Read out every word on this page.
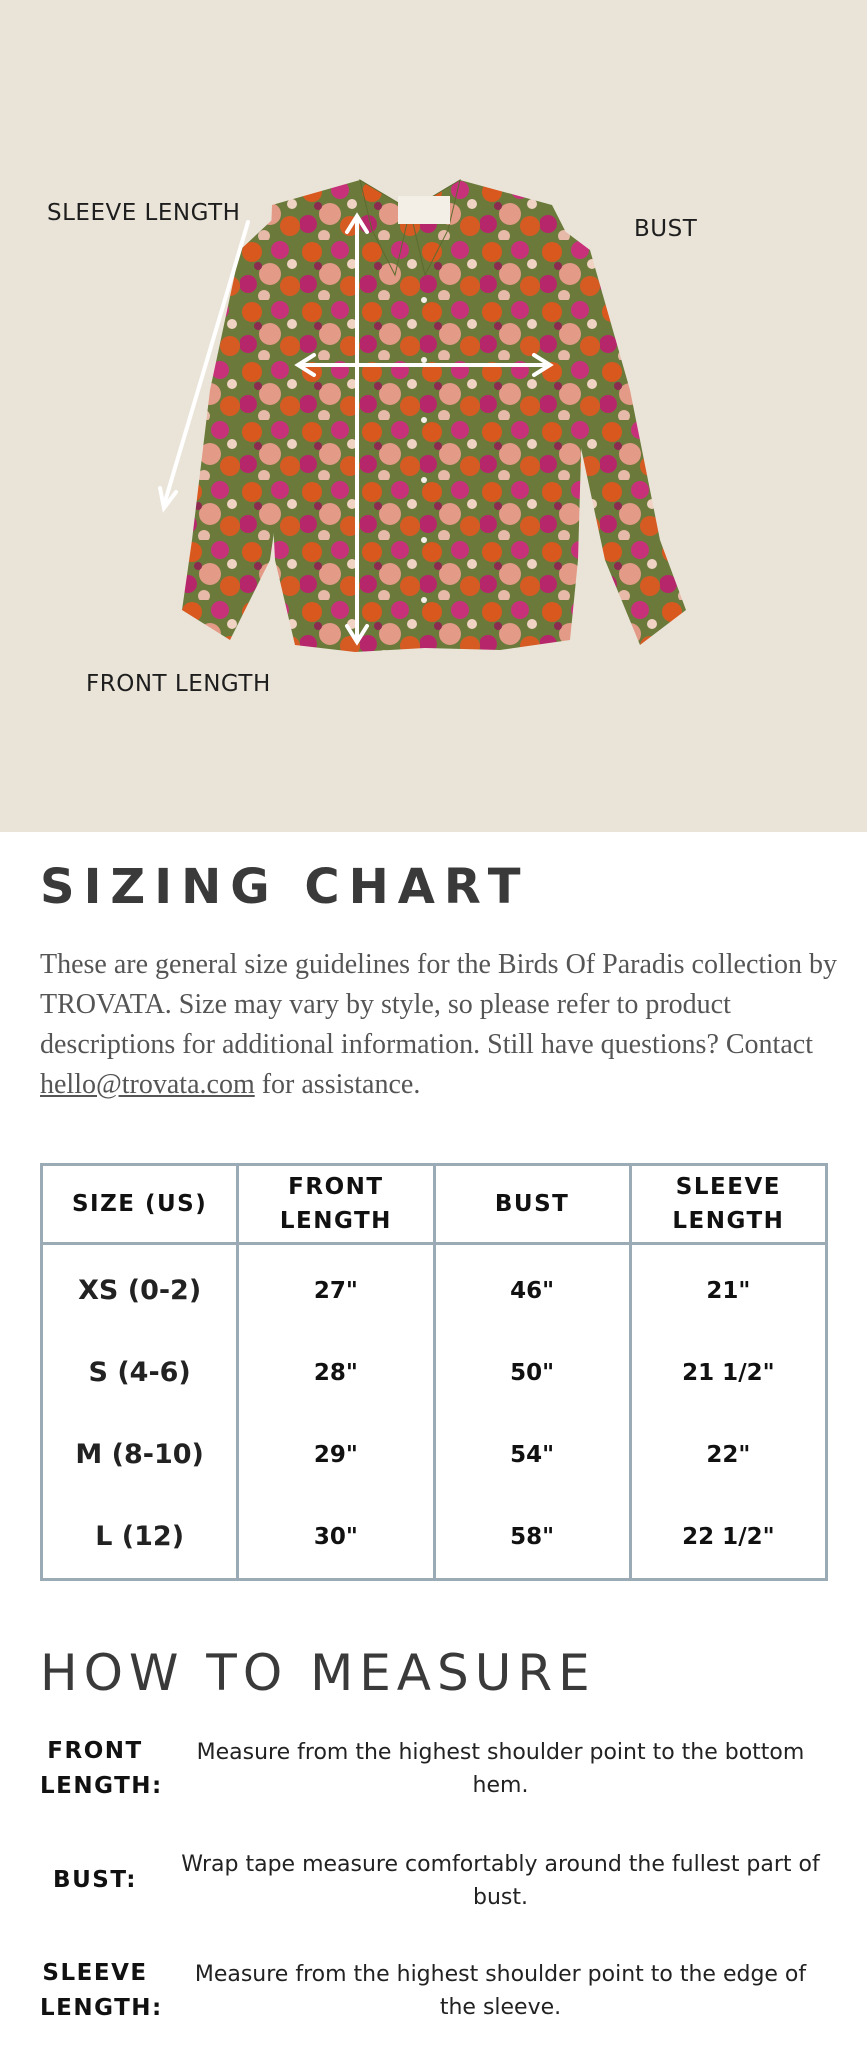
SLEEVE LENGTH
BUST
FRONT LENGTH
SIZING CHART

These are general size guidelines for the Birds Of Paradis collection by TROVATA. Size may vary by style, so please refer to product descriptions for additional information. Still have questions? Contact hello@trovata.com for assistance.

SIZE (US)	FRONT LENGTH	BUST	SLEEVE LENGTH
XS (0-2)	27"	46"	21"
S (4-6)	28"	50"	21 1/2"
M (8-10)	29"	54"	22"
L (12)	30"	58"	22 1/2"
HOW TO MEASURE
FRONT LENGTH:
Measure from the highest shoulder point to the bottom hem.
BUST:
Wrap tape measure comfortably around the fullest part of bust.
SLEEVE LENGTH:
Measure from the highest shoulder point to the edge of the sleeve.
